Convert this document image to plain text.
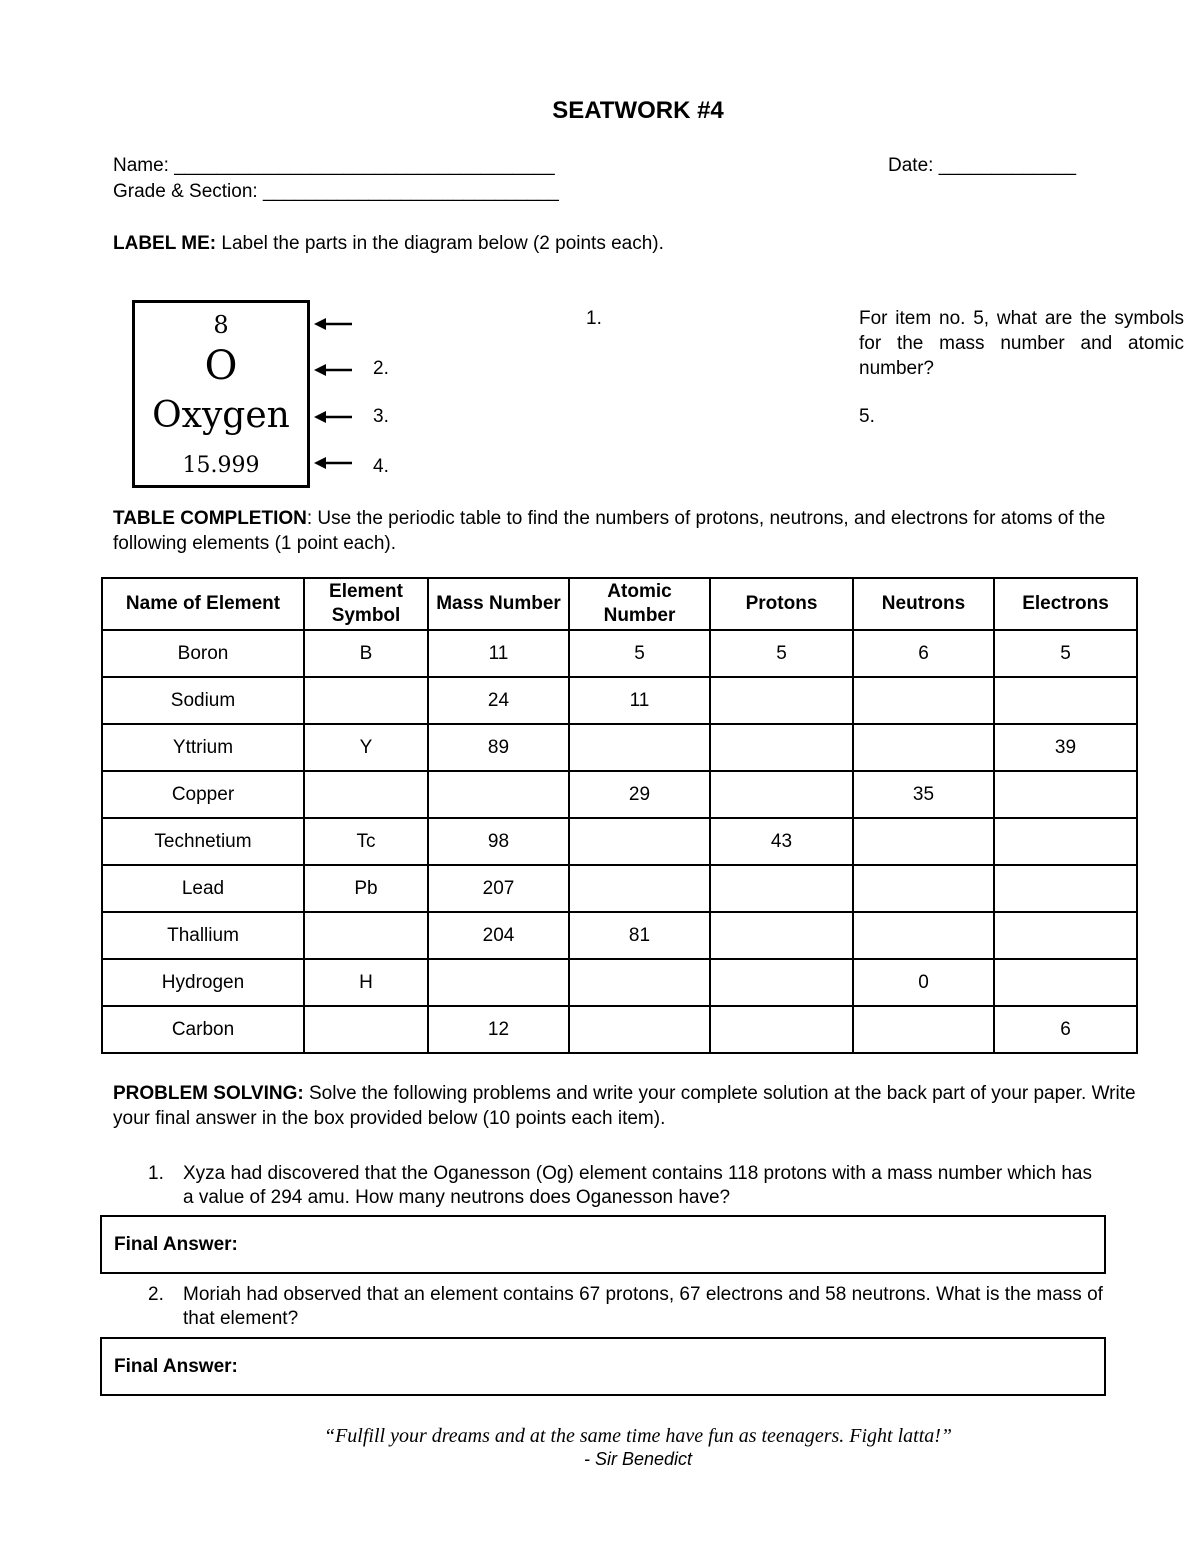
SEATWORK #4
Name: ____________________________________	Date: _____________
Grade & Section: ____________________________
LABEL ME: Label the parts in the diagram below (2 points each).
8
O
Oxygen
15.999
1.
2.
3.
4.
For item no. 5, what are the symbols for the mass number and atomic number?
5.
TABLE COMPLETION: Use the periodic table to find the numbers of protons, neutrons, and electrons for atoms of the following elements (1 point each).
Name of Element	Element Symbol	Mass Number	Atomic Number	Protons	Neutrons	Electrons
Boron	B	11	5	5	6	5
Sodium		24	11			
Yttrium	Y	89				39
Copper			29		35	
Technetium	Tc	98		43		
Lead	Pb	207				
Thallium		204	81			
Hydrogen	H				0	
Carbon		12				6
PROBLEM SOLVING: Solve the following problems and write your complete solution at the back part of your paper. Write your final answer in the box provided below (10 points each item).
1. Xyza had discovered that the Oganesson (Og) element contains 118 protons with a mass number which has a value of 294 amu. How many neutrons does Oganesson have?
Final Answer:
2. Moriah had observed that an element contains 67 protons, 67 electrons and 58 neutrons. What is the mass of that element?
Final Answer:
“Fulfill your dreams and at the same time have fun as teenagers. Fight latta!”
- Sir Benedict
